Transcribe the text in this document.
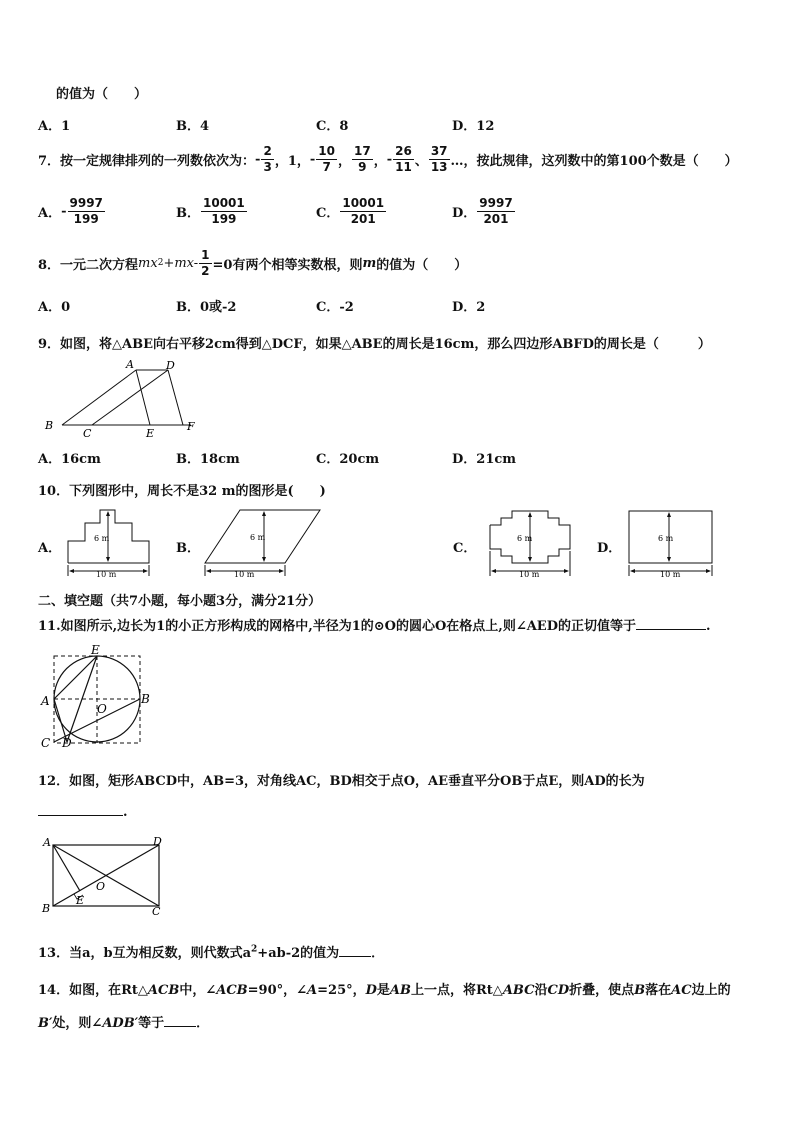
的值为（　　）
A．1	B．4	C．8	D．12
7．按一定规律排列的一列数依次为： - $\frac{2}{3}$ ，1， - $\frac{10}{7}$ ， $\frac{17}{9}$ ， - $\frac{26}{11}$ 、 $\frac{37}{13}$ …，按此规律，这列数中的第100个数是（　　）
A． - $\frac{9997}{199}$	B． $\frac{10001}{199}$	C． $\frac{10001}{201}$	D． $\frac{9997}{201}$
8．一元二次方程 mx $2 +mx- \frac{1}{2} =0$有两个相等实数根，则 m 的值为（　　）
A．0	B．0或-2	C．-2	D．2
9．如图，将△ABE向右平移2cm得到△DCF，如果△ABE的周长是16cm，那么四边形ABFD的周长是（　　　）
A	D
B
C	E
F
A．16cm	B．18cm	C．20cm	D．21cm
10．下列图形中，周长不是32 m的图形是(　　)
A．
6 m
10 m
B．
6 m
10 m
C．
6 m
10 m
D．
6 m
10 m
二、填空题（共7小题，每小题3分，满分21分）
11.如图所示,边长为1的小正方形构成的网格中,半径为1的⊙O的圆心O在格点上,则∠AED的正切值等于	.
E
A
O
B
C D
12．如图，矩形ABCD中，AB=3，对角线AC，BD相交于点O，AE垂直平分OB于点E，则AD的长为
.
A	D
O
B
E
C
13．当a，b互为相反数，则代数式$a^2+ab-2$的值为 ．
14．如图，在Rt△ACB中，∠ACB=90°，∠A=25°，D是AB上一点，将Rt△ABC沿CD折叠，使点B落在AC边上的
B′处，则∠ADB′等于 ．
